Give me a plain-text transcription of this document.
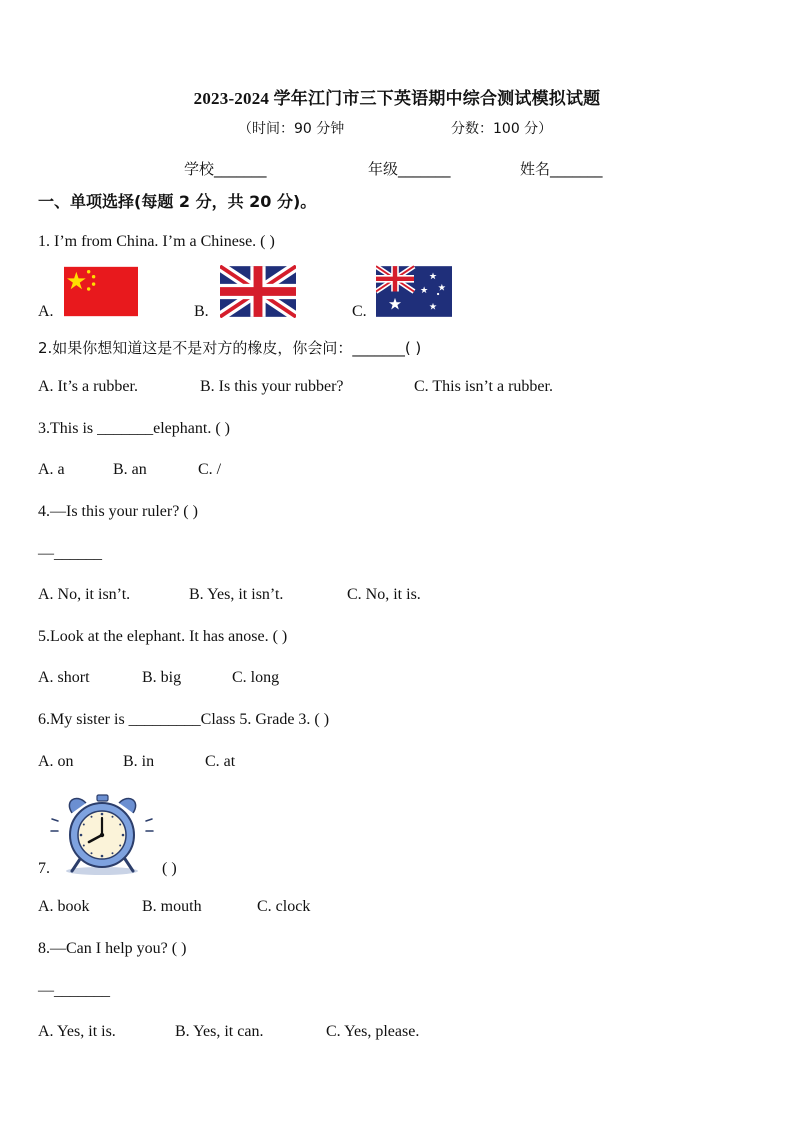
2023-2024 学年江门市三下英语期中综合测试模拟试题
（时间：90 分钟	分数：100 分）
学校_______	年级_______	姓名_______
一、单项选择(每题 2 分，共 20 分)。
1. I’m from China. I’m a Chinese. ( )
A.	B.	C.
2.如果你想知道这是不是对方的橡皮，你会问：_______( )
A. It’s a rubber.	B. Is this your rubber?	C. This isn’t a rubber.
3.This is _______elephant. ( )
A. a	B. an	C. /
4.—Is this your ruler? ( )
—______
A. No, it isn’t.	B. Yes, it isn’t.	C. No, it is.
5.Look at the elephant. It has anose. ( )
A. short	B. big	C. long
6.My sister is _________Class 5. Grade 3. ( )
A. on	B. in	C. at
7.	( )
A. book	B. mouth	C. clock
8.—Can I help you? ( )
—_______
A. Yes, it is.	B. Yes, it can.	C. Yes, please.
